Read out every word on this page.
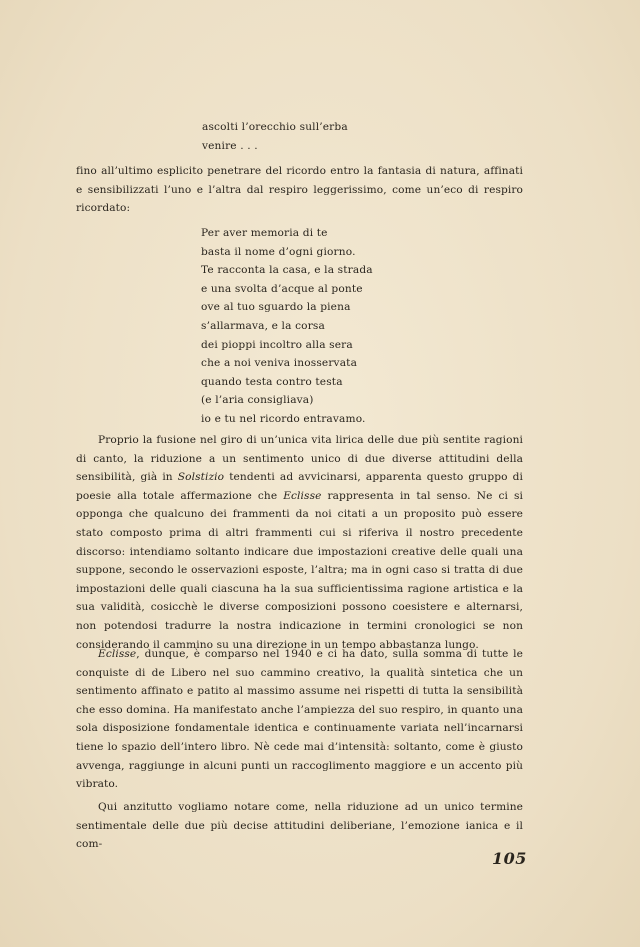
ascolti l’orecchio sull’erba
venire . . .

fino all’ultimo esplicito penetrare del ricordo entro la fantasia di natura, affinati e sensibilizzati l’uno e l’altra dal respiro leggerissimo, come un’eco di respiro ricordato:

Per aver memoria di te
basta il nome d’ogni giorno.
Te racconta la casa, e la strada
e una svolta d’acque al ponte
ove al tuo sguardo la piena
s’allarmava, e la corsa
dei pioppi incoltro alla sera
che a noi veniva inosservata
quando testa contro testa
(e l’aria consigliava)
io e tu nel ricordo entravamo.

Proprio la fusione nel giro di un’unica vita lirica delle due più sentite ragioni di canto, la riduzione a un sentimento unico di due diverse attitudini della sensibilità, già in Solstizio tendenti ad avvicinarsi, apparenta questo gruppo di poesie alla totale affermazione che Eclisse rappresenta in tal senso. Ne ci si opponga che qualcuno dei frammenti da noi citati a un proposito può essere stato composto prima di altri frammenti cui si riferiva il nostro precedente discorso: intendiamo soltanto indicare due impostazioni creative delle quali una suppone, secondo le osservazioni esposte, l’altra; ma in ogni caso si tratta di due impostazioni delle quali ciascuna ha la sua sufficientissima ragione artistica e la sua validità, cosicchè le diverse composizioni possono coesistere e alternarsi, non potendosi tradurre la nostra indicazione in termini cronologici se non considerando il cammino su una direzione in un tempo abbastanza lungo.

Eclisse, dunque, è comparso nel 1940 e ci ha dato, sulla somma di tutte le conquiste di de Libero nel suo cammino creativo, la qualità sintetica che un sentimento affinato e patito al massimo assume nei rispetti di tutta la sensibilità che esso domina. Ha manifestato anche l’ampiezza del suo respiro, in quanto una sola disposizione fondamentale identica e continuamente variata nell’incarnarsi tiene lo spazio dell’intero libro. Nè cede mai d’intensità: soltanto, come è giusto avvenga, raggiunge in alcuni punti un raccoglimento maggiore e un accento più vibrato.

Qui anzitutto vogliamo notare come, nella riduzione ad un unico termine sentimentale delle due più decise attitudini deliberiane, l’emozione ianica e il com-

105
